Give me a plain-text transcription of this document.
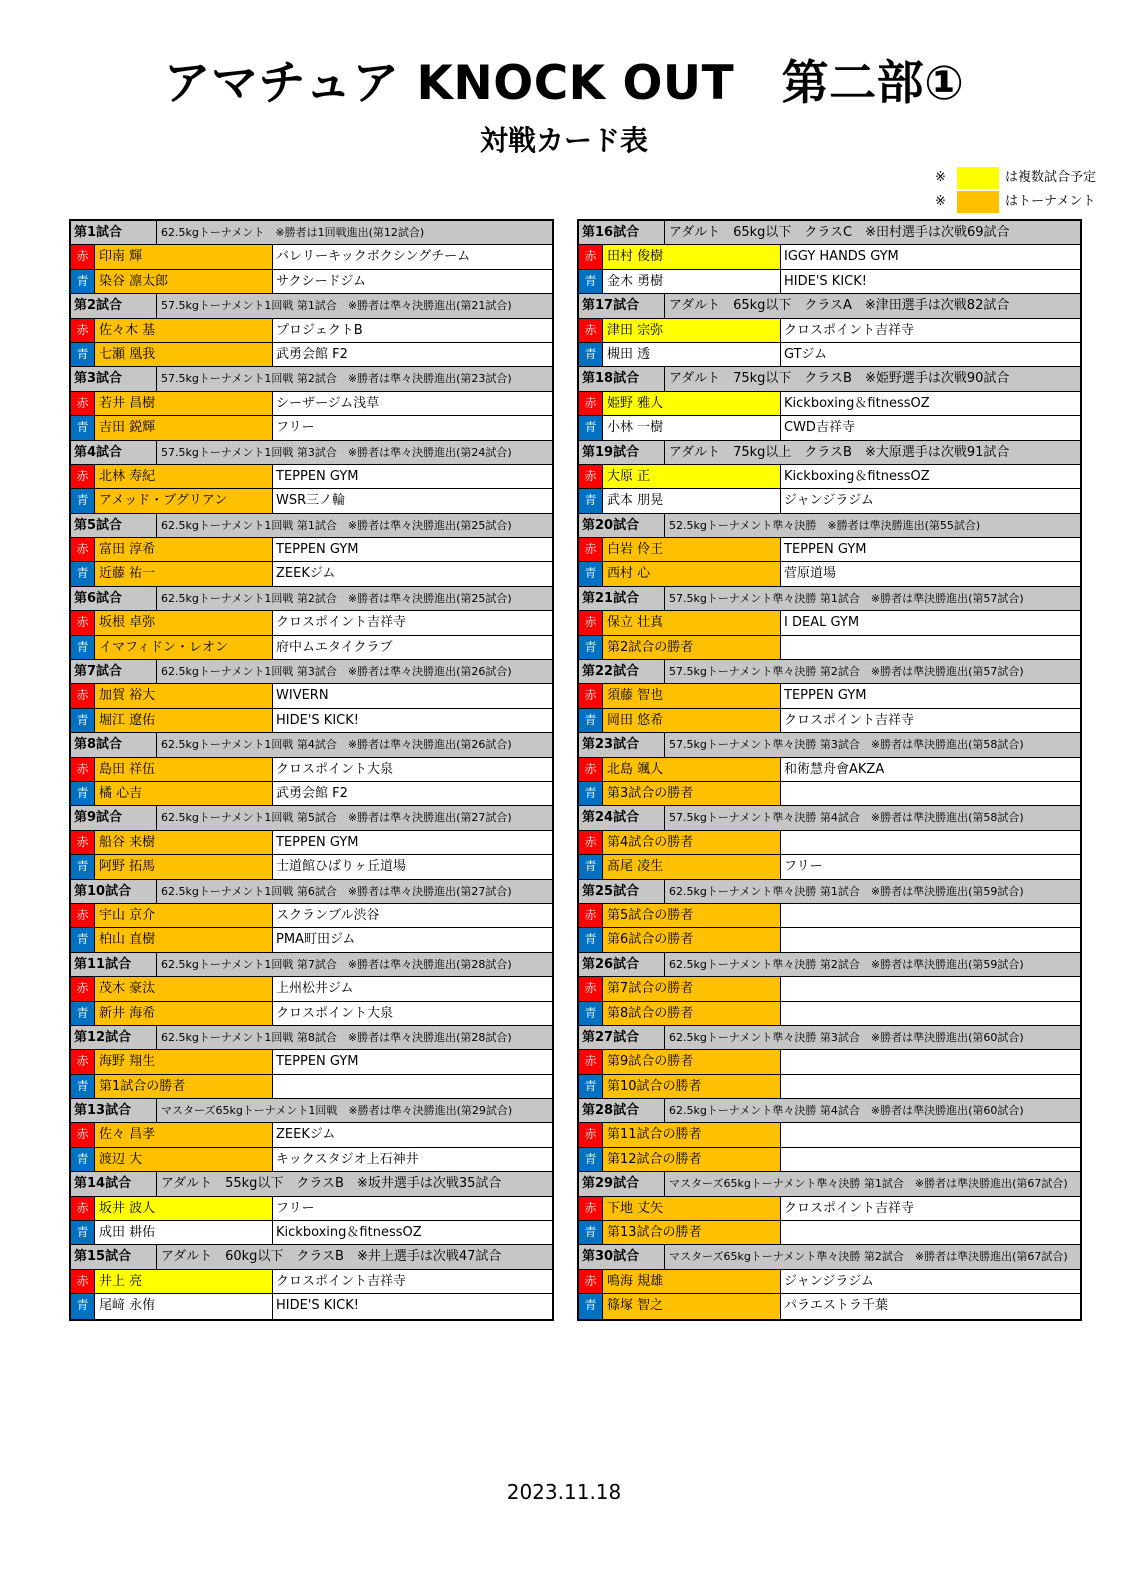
アマチュア KNOCK OUT　第二部①
対戦カード表
※	は複数試合予定
※	はトーナメント
第1試合	62.5kgトーナメント　※勝者は1回戦進出(第12試合)
赤 印南 輝	バレリーキックボクシングチーム
青 染谷 凛太郎	サクシードジム
第2試合	57.5kgトーナメント1回戦 第1試合　※勝者は準々決勝進出(第21試合)
赤 佐々木 基	プロジェクトB
青 七瀬 凰我	武勇会館 F2
第3試合	57.5kgトーナメント1回戦 第2試合　※勝者は準々決勝進出(第23試合)
赤 若井 昌樹	シーザージム浅草
青 吉田 鋭輝	フリー
第4試合	57.5kgトーナメント1回戦 第3試合　※勝者は準々決勝進出(第24試合)
赤 北林 寿紀	TEPPEN GYM
青 アメッド・ブグリアン	WSR三ノ輪
第5試合	62.5kgトーナメント1回戦 第1試合　※勝者は準々決勝進出(第25試合)
赤 富田 淳希	TEPPEN GYM
青 近藤 祐一	ZEEKジム
第6試合	62.5kgトーナメント1回戦 第2試合　※勝者は準々決勝進出(第25試合)
赤 坂根 卓弥	クロスポイント吉祥寺
青 イマフィドン・レオン	府中ムエタイクラブ
第7試合	62.5kgトーナメント1回戦 第3試合　※勝者は準々決勝進出(第26試合)
赤 加賀 裕大	WIVERN
青 堀江 遼佑	HIDE'S KICK!
第8試合	62.5kgトーナメント1回戦 第4試合　※勝者は準々決勝進出(第26試合)
赤 島田 祥伍	クロスポイント大泉
青 橘 心吉	武勇会館 F2
第9試合	62.5kgトーナメント1回戦 第5試合　※勝者は準々決勝進出(第27試合)
赤 船谷 来樹	TEPPEN GYM
青 阿野 拓馬	士道館ひばりヶ丘道場
第10試合	62.5kgトーナメント1回戦 第6試合　※勝者は準々決勝進出(第27試合)
赤 宇山 京介	スクランブル渋谷
青 柏山 直樹	PMA町田ジム
第11試合	62.5kgトーナメント1回戦 第7試合　※勝者は準々決勝進出(第28試合)
赤 茂木 豪汰	上州松井ジム
青 新井 海希	クロスポイント大泉
第12試合	62.5kgトーナメント1回戦 第8試合　※勝者は準々決勝進出(第28試合)
赤 海野 翔生	TEPPEN GYM
青 第1試合の勝者
第13試合	マスターズ65kgトーナメント1回戦　※勝者は準々決勝進出(第29試合)
赤 佐々 昌孝	ZEEKジム
青 渡辺 大	キックスタジオ上石神井
第14試合	アダルト　55kg以下　クラスB　※坂井選手は次戦35試合
赤 坂井 波人	フリー
青 成田 耕佑	Kickboxing＆fitnessOZ
第15試合	アダルト　60kg以下　クラスB　※井上選手は次戦47試合
赤 井上 亮	クロスポイント吉祥寺
青 尾﨑 永侑	HIDE'S KICK!
第16試合	アダルト　65kg以下　クラスC　※田村選手は次戦69試合
赤 田村 俊樹	IGGY HANDS GYM
青 金木 勇樹	HIDE'S KICK!
第17試合	アダルト　65kg以下　クラスA　※津田選手は次戦82試合
赤 津田 宗弥	クロスポイント吉祥寺
青 槻田 透	GTジム
第18試合	アダルト　75kg以下　クラスB　※姫野選手は次戦90試合
赤 姫野 雅人	Kickboxing＆fitnessOZ
青 小林 一樹	CWD吉祥寺
第19試合	アダルト　75kg以上　クラスB　※大原選手は次戦91試合
赤 大原 正	Kickboxing＆fitnessOZ
青 武本 朋晃	ジャンジラジム
第20試合	52.5kgトーナメント準々決勝　※勝者は準決勝進出(第55試合)
赤 白岩 伶王	TEPPEN GYM
青 西村 心	菅原道場
第21試合	57.5kgトーナメント準々決勝 第1試合　※勝者は準決勝進出(第57試合)
赤 保立 壮真	I DEAL GYM
青 第2試合の勝者
第22試合	57.5kgトーナメント準々決勝 第2試合　※勝者は準決勝進出(第57試合)
赤 須藤 智也	TEPPEN GYM
青 岡田 悠希	クロスポイント吉祥寺
第23試合	57.5kgトーナメント準々決勝 第3試合　※勝者は準決勝進出(第58試合)
赤 北島 颯人	和術慧舟會AKZA
青 第3試合の勝者
第24試合	57.5kgトーナメント準々決勝 第4試合　※勝者は準決勝進出(第58試合)
赤 第4試合の勝者
青 髙尾 凌生	フリー
第25試合	62.5kgトーナメント準々決勝 第1試合　※勝者は準決勝進出(第59試合)
赤 第5試合の勝者
青 第6試合の勝者
第26試合	62.5kgトーナメント準々決勝 第2試合　※勝者は準決勝進出(第59試合)
赤 第7試合の勝者
青 第8試合の勝者
第27試合	62.5kgトーナメント準々決勝 第3試合　※勝者は準決勝進出(第60試合)
赤 第9試合の勝者
青 第10試合の勝者
第28試合	62.5kgトーナメント準々決勝 第4試合　※勝者は準決勝進出(第60試合)
赤 第11試合の勝者
青 第12試合の勝者
第29試合	マスターズ65kgトーナメント準々決勝 第1試合　※勝者は準決勝進出(第67試合)
赤 下地 丈矢	クロスポイント吉祥寺
青 第13試合の勝者
第30試合	マスターズ65kgトーナメント準々決勝 第2試合　※勝者は準決勝進出(第67試合)
赤 鳴海 規雄	ジャンジラジム
青 篠塚 智之	パラエストラ千葉
2023.11.18
